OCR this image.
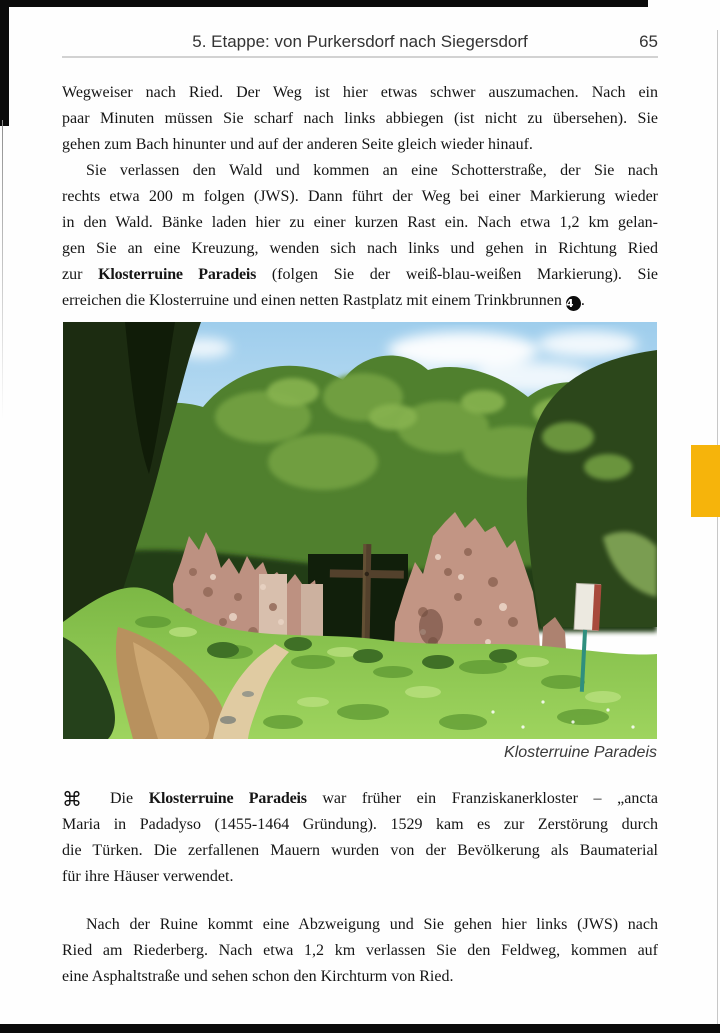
5. Etappe: von Purkersdorf nach Siegersdorf	65
Wegweiser nach Ried. Der Weg ist hier etwas schwer auszumachen. Nach ein
paar Minuten müssen Sie scharf nach links abbiegen (ist nicht zu übersehen). Sie
gehen zum Bach hinunter und auf der anderen Seite gleich wieder hinauf.
Sie verlassen den Wald und kommen an eine Schotterstraße, der Sie nach
rechts etwa 200 m folgen (JWS). Dann führt der Weg bei einer Markierung wieder
in den Wald. Bänke laden hier zu einer kurzen Rast ein. Nach etwa 1,2 km gelan-
gen Sie an eine Kreuzung, wenden sich nach links und gehen in Richtung Ried
zur Klosterruine Paradeis (folgen Sie der weiß-blau-weißen Markierung). Sie
erreichen die Klosterruine und einen netten Rastplatz mit einem Trinkbrunnen 4 .
Klosterruine Paradeis
⌘ Die Klosterruine Paradeis war früher ein Franziskanerkloster – „ancta
Maria in Padadyso (1455-1464 Gründung). 1529 kam es zur Zerstörung durch
die Türken. Die zerfallenen Mauern wurden von der Bevölkerung als Baumaterial
für ihre Häuser verwendet.
Nach der Ruine kommt eine Abzweigung und Sie gehen hier links (JWS) nach
Ried am Riederberg. Nach etwa 1,2 km verlassen Sie den Feldweg, kommen auf
eine Asphaltstraße und sehen schon den Kirchturm von Ried.
